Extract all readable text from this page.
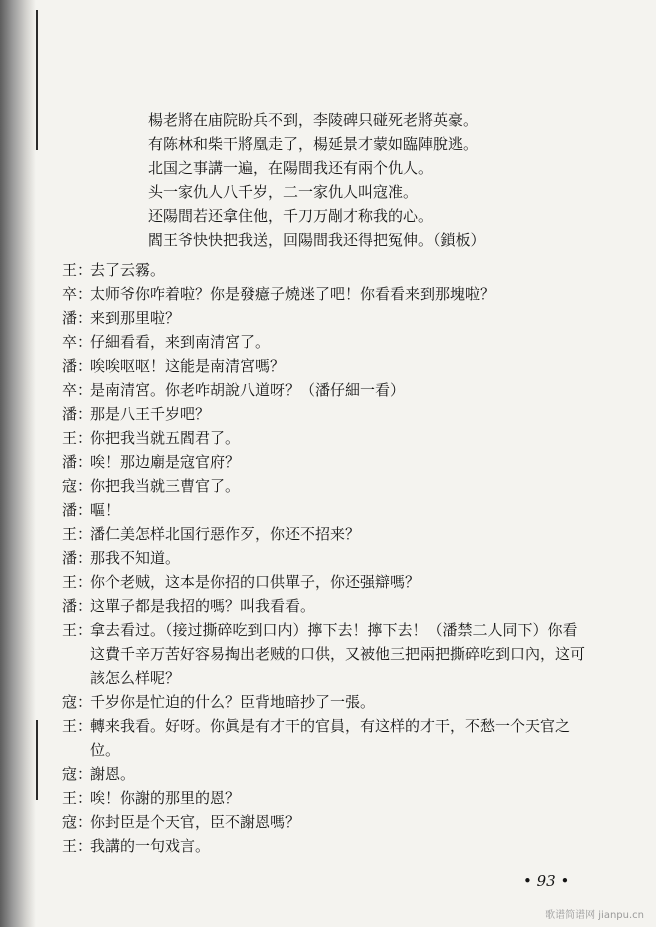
楊老將在庙院盼兵不到，李陵碑只碰死老將英豪。
有陈林和柴干將凰走了，楊延景才蒙如臨陣脫逃。
北国之事講一遍，在陽間我还有兩个仇人。
头一家仇人八千岁，二一家仇人叫寇准。
还陽間若还拿住他，千刀万剮才称我的心。
閻王爷快快把我送，回陽間我还得把冤伸。（鎖板）
王：
去了云霧。
卒：
太师爷你咋着啦？你是發癔子燒迷了吧！你看看来到那塊啦？
潘：
来到那里啦？
卒：
仔細看看，来到南清宮了。
潘：
唉唉呕呕！这能是南清宮嗎？
卒：
是南清宮。你老咋胡說八道呀？（潘仔細一看）
潘：
那是八王千岁吧？
王：
你把我当就五閻君了。
潘：
唉！那边廟是寇官府？
寇：
你把我当就三曹官了。
潘：
嘔！
王：
潘仁美怎样北国行惡作歹，你还不招来？
潘：
那我不知道。
王：
你个老贼，这本是你招的口供單子，你还强辯嗎？
潘：
这單子都是我招的嗎？叫我看看。
王：
拿去看过。（接过撕碎吃到口内）擰下去！擰下去！（潘禁二人同下）你看这費千辛万苦好容易掏出老贼的口供，又被他三把兩把撕碎吃到口內，这可該怎么样呢？
寇：
千岁你是忙迫的什么？臣背地暗抄了一張。
王：
轉来我看。好呀。你眞是有才干的官員，有这样的才干，不愁一个天官之位。
寇：
謝恩。
王：
唉！你謝的那里的恩？
寇：
你封臣是个天官，臣不謝恩嗎？
王：
我講的一句戏言。
• 93 •
歌谱简谱网 jianpu.cn
